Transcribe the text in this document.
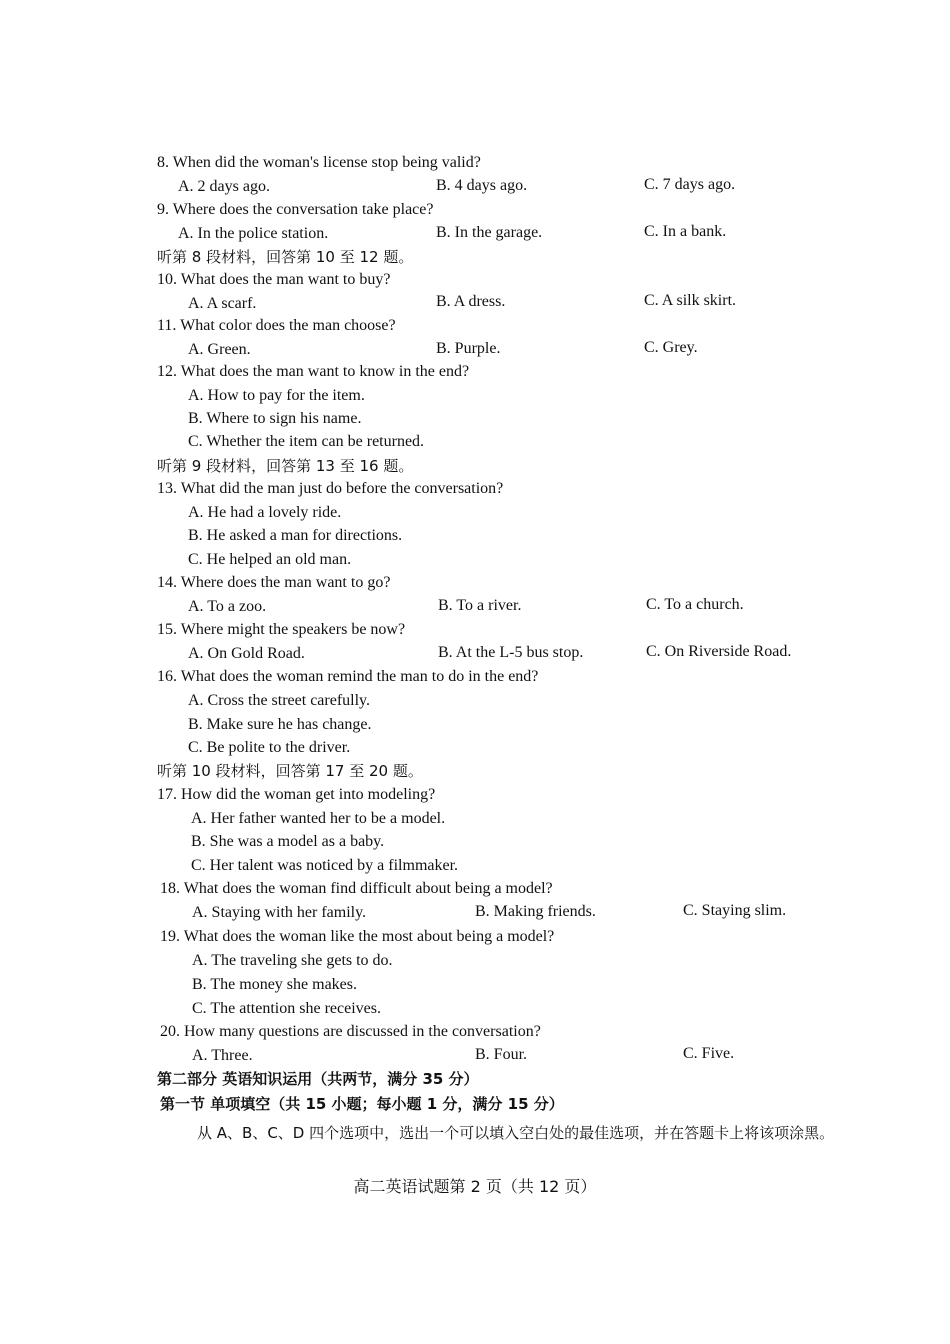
8. When did the woman's license stop being valid?
A. 2 days ago.	B. 4 days ago.	C. 7 days ago.
9. Where does the conversation take place?
A. In the police station.	B. In the garage.	C. In a bank.
听第 8 段材料，回答第 10 至 12 题。
10. What does the man want to buy?
A. A scarf.	B. A dress.	C. A silk skirt.
11. What color does the man choose?
A. Green.	B. Purple.	C. Grey.
12. What does the man want to know in the end?
A. How to pay for the item.
B. Where to sign his name.
C. Whether the item can be returned.
听第 9 段材料，回答第 13 至 16 题。
13. What did the man just do before the conversation?
A. He had a lovely ride.
B. He asked a man for directions.
C. He helped an old man.
14. Where does the man want to go?
A. To a zoo.	B. To a river.	C. To a church.
15. Where might the speakers be now?
A. On Gold Road.	B. At the L-5 bus stop.	C. On Riverside Road.
16. What does the woman remind the man to do in the end?
A. Cross the street carefully.
B. Make sure he has change.
C. Be polite to the driver.
听第 10 段材料，回答第 17 至 20 题。
17. How did the woman get into modeling?
A. Her father wanted her to be a model.
B. She was a model as a baby.
C. Her talent was noticed by a filmmaker.
18. What does the woman find difficult about being a model?
A. Staying with her family.	B. Making friends.	C. Staying slim.
19. What does the woman like the most about being a model?
A. The traveling she gets to do.
B. The money she makes.
C. The attention she receives.
20. How many questions are discussed in the conversation?
A. Three.	B. Four.	C. Five.
第二部分 英语知识运用（共两节，满分 35 分）
第一节 单项填空（共 15 小题；每小题 1 分，满分 15 分）
从 A、B、C、D 四个选项中，选出一个可以填入空白处的最佳选项，并在答题卡上将该项涂黑。
高二英语试题第 2 页（共 12 页）
